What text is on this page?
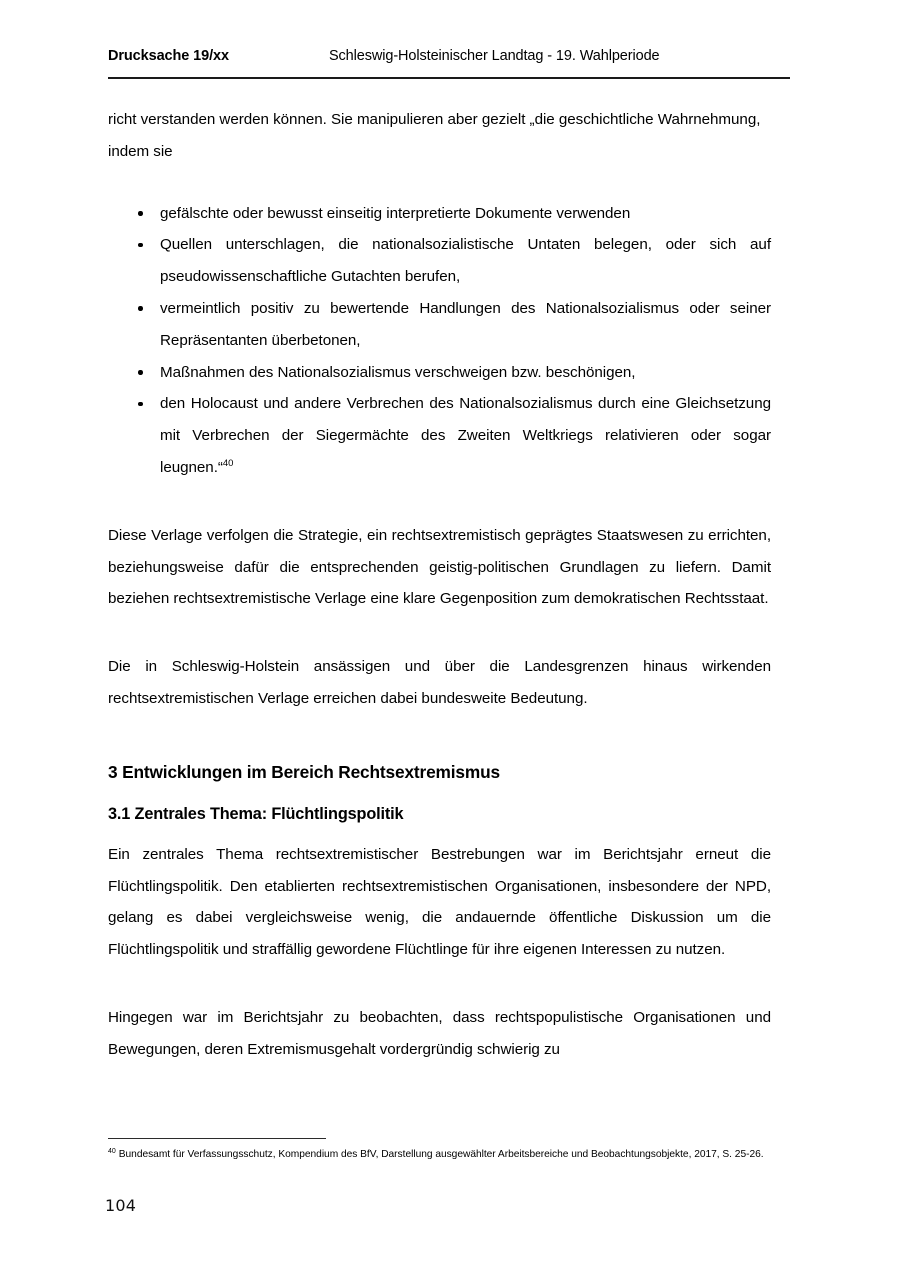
Drucksache 19/xx	Schleswig-Holsteinischer Landtag - 19. Wahlperiode

richt verstanden werden können. Sie manipulieren aber gezielt „die geschichtliche Wahrnehmung, indem sie

gefälschte oder bewusst einseitig interpretierte Dokumente verwenden
Quellen unterschlagen, die nationalsozialistische Untaten belegen, oder sich auf pseudowissenschaftliche Gutachten berufen,
vermeintlich positiv zu bewertende Handlungen des Nationalsozialismus oder seiner Repräsentanten überbetonen,
Maßnahmen des Nationalsozialismus verschweigen bzw. beschönigen,
den Holocaust und andere Verbrechen des Nationalsozialismus durch eine Gleichsetzung mit Verbrechen der Siegermächte des Zweiten Weltkriegs relativieren oder sogar leugnen.“$^{40}$

Diese Verlage verfolgen die Strategie, ein rechtsextremistisch geprägtes Staatswesen zu errichten, beziehungsweise dafür die entsprechenden geistig-politischen Grundlagen zu liefern. Damit beziehen rechtsextremistische Verlage eine klare Gegenposition zum demokratischen Rechtsstaat.

Die in Schleswig-Holstein ansässigen und über die Landesgrenzen hinaus wirkenden rechtsextremistischen Verlage erreichen dabei bundesweite Bedeutung.

3 Entwicklungen im Bereich Rechtsextremismus
3.1 Zentrales Thema: Flüchtlingspolitik

Ein zentrales Thema rechtsextremistischer Bestrebungen war im Berichtsjahr erneut die Flüchtlingspolitik. Den etablierten rechtsextremistischen Organisationen, insbesondere der NPD, gelang es dabei vergleichsweise wenig, die andauernde öffentliche Diskussion um die Flüchtlingspolitik und straffällig gewordene Flüchtlinge für ihre eigenen Interessen zu nutzen.

Hingegen war im Berichtsjahr zu beobachten, dass rechtspopulistische Organisationen und Bewegungen, deren Extremismusgehalt vordergründig schwierig zu

$^{40}$ Bundesamt für Verfassungsschutz, Kompendium des BfV, Darstellung ausgewählter Arbeitsbereiche und Beobachtungsobjekte, 2017, S. 25-26.
104
